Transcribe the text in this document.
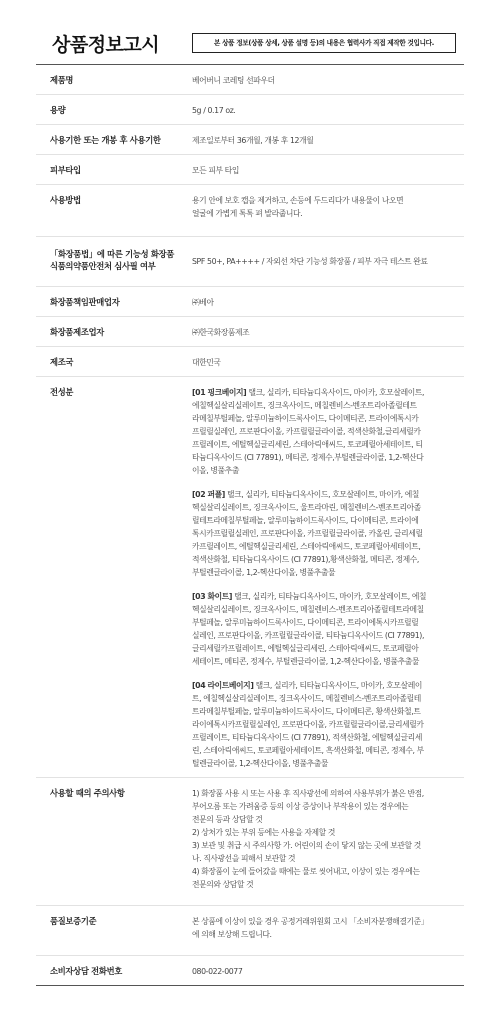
상품정보고시	본 상품 정보(상품 상세, 상품 설명 등)의 내용은 협력사가 직접 제작한 것입니다.
제품명	베어버니 코레팅 선파우더
용량	5g / 0.17 oz.
사용기한 또는 개봉 후 사용기한	제조일로부터 36개월, 개봉 후 12개월
피부타입	모든 피부 타입
사용방법	용기 안에 보호 캡을 제거하고, 손등에 두드리다가 내용물이 나오면
얼굴에 가볍게 톡톡 펴 발라줍니다.
「화장품법」에 따른 기능성 화장품
식품의약품안전처 심사필 여부	SPF 50+, PA++++ / 자외선 차단 기능성 화장품 / 피부 자극 테스트 완료
화장품책임판매업자	㈜베아
화장품제조업자	㈜한국화장품제조
제조국	대한민국
전성분	[01 핑크베이지] 탤크, 실리카, 티타늄디옥사이드, 마이카, 호모살레이트,
에칠헥실살리실레이트, 징크옥사이드, 메칠렌비스-벤조트리아졸릴테트
라메칠부틸페놀, 알루미늄하이드록사이드, 다이메티콘, 트라이에톡시카
프릴릴실레인, 프로판다이올, 카프릴릴글라이콜, 적색산화철,글리세릴카
프릴레이트, 에틸헥실글리세린, 스테아릭애씨드, 토코페릴아세테이트, 티
타늄디옥사이드 (CI 77891), 메티콘, 정제수,부틸렌글라이콜, 1,2-헥산다
이올, 병풀추출
[02 퍼플] 탤크, 실리카, 티타늄디옥사이드, 호모살레이트, 마이카, 에칠
헥실살리실레이트, 징크옥사이드, 울트라마린, 메칠렌비스-벤조트리아졸
릴테트라메칠부틸페놀, 알루미늄하이드록사이드, 다이메티콘, 트라이에
톡시카프릴릴실레인, 프로판다이올, 카프릴릴글라이콜, 카올린, 글리세릴
카프릴레이트, 에틸헥실글리세린, 스테아릭애씨드, 토코페릴아세테이트,
적색산화철, 티타늄디옥사이드 (CI 77891),황색산화철, 메티콘, 정제수,
부틸렌글라이콜, 1,2-헥산다이올, 병풀추출물
[03 화이트] 탤크, 실리카, 티타늄디옥사이드, 마이카, 호모살레이트, 에칠
헥실살리실레이트, 징크옥사이드, 메칠렌비스-벤조트리아졸릴테트라메칠
부틸페놀, 알루미늄하이드록사이드, 다이메티콘, 트라이에톡시카프릴릴
실레인, 프로판다이올, 카프릴릴글라이콜, 티타늄디옥사이드 (CI 77891),
글리세릴카프릴레이트, 에틸헥실글리세린, 스테아릭애씨드, 토코페릴아
세테이트, 메티콘, 정제수, 부틸렌글라이콜, 1,2-헥산다이올, 병풀추출물
[04 라이트베이지] 탤크, 실리카, 티타늄디옥사이드, 마이카, 호모살레이
트, 에칠헥실살리실레이트, 징크옥사이드, 메칠렌비스-벤조트리아졸릴테
트라메칠부틸페놀, 알루미늄하이드록사이드, 다이메티콘, 황색산화철,트
라이에톡시카프릴릴실레인, 프로판다이올, 카프릴릴글라이콜,글리세릴카
프릴레이트, 티타늄디옥사이드 (CI 77891), 적색산화철, 에틸헥실글리세
린, 스테아릭애씨드, 토코페릴아세테이트, 흑색산화철, 메티콘, 정제수, 부
틸렌글라이콜, 1,2-헥산다이올, 병풀추출물
사용할 때의 주의사항	1) 화장품 사용 시 또는 사용 후 직사광선에 의하여 사용부위가 붉은 반점,
부어오름 또는 가려움증 등의 이상 증상이나 부작용이 있는 경우에는
전문의 등과 상담할 것
2) 상처가 있는 부위 등에는 사용을 자제할 것
3) 보관 및 취급 시 주의사항 가. 어린이의 손이 닿지 않는 곳에 보관할 것
나. 직사광선을 피해서 보관할 것
4) 화장품이 눈에 들어갔을 때에는 물로 씻어내고, 이상이 있는 경우에는
전문의와 상담할 것
품질보증기준	본 상품에 이상이 있을 경우 공정거래위원회 고시 「소비자분쟁해결기준」
에 의해 보상해 드립니다.
소비자상담 전화번호	080-022-0077
